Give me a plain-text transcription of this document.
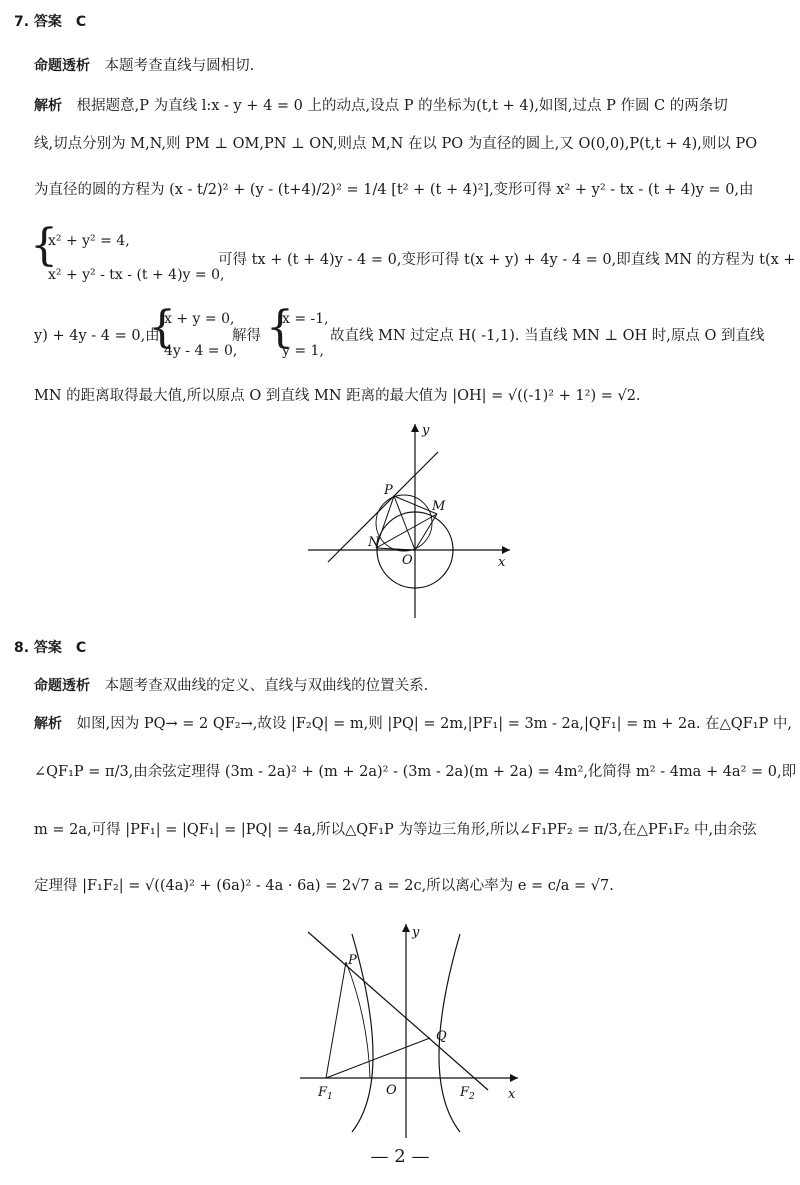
7. 答案　C
命题透析 本题考查直线与圆相切.
解析 根据题意,P 为直线 l:x - y + 4 = 0 上的动点,设点 P 的坐标为(t,t + 4),如图,过点 P 作圆 C 的两条切
线,切点分别为 M,N,则 PM ⊥ OM,PN ⊥ ON,则点 M,N 在以 PO 为直径的圆上,又 O(0,0),P(t,t + 4),则以 PO
为直径的圆的方程为 (x - t/2)² + (y - (t+4)/2)² = 1/4 [t² + (t + 4)²],变形可得 x² + y² - tx - (t + 4)y = 0,由
{
x² + y² = 4,
x² + y² - tx - (t + 4)y = 0,
可得 tx + (t + 4)y - 4 = 0,变形可得 t(x + y) + 4y - 4 = 0,即直线 MN 的方程为 t(x +
y) + 4y - 4 = 0,由
{
x + y = 0,
4y - 4 = 0,
解得 {
x = -1,
y = 1,
故直线 MN 过定点 H( -1,1). 当直线 MN ⊥ OH 时,原点 O 到直线
MN 的距离取得最大值,所以原点 O 到直线 MN 距离的最大值为 |OH| = √((-1)² + 1²) = √2.
y
x
P
M
N
O
8. 答案　C
命题透析 本题考查双曲线的定义、直线与双曲线的位置关系.
解析 如图,因为 PQ→ = 2 QF₂→,故设 |F₂Q| = m,则 |PQ| = 2m,|PF₁| = 3m - 2a,|QF₁| = m + 2a. 在△QF₁P 中,
∠QF₁P = π/3,由余弦定理得 (3m - 2a)² + (m + 2a)² - (3m - 2a)(m + 2a) = 4m²,化简得 m² - 4ma + 4a² = 0,即
m = 2a,可得 |PF₁| = |QF₁| = |PQ| = 4a,所以△QF₁P 为等边三角形,所以∠F₁PF₂ = π/3,在△PF₁F₂ 中,由余弦
定理得 |F₁F₂| = √((4a)² + (6a)² - 4a · 6a) = 2√7 a = 2c,所以离心率为 e = c/a = √7.
y
x
P
Q
O
$F_1$	$F_2$
— 2 —
